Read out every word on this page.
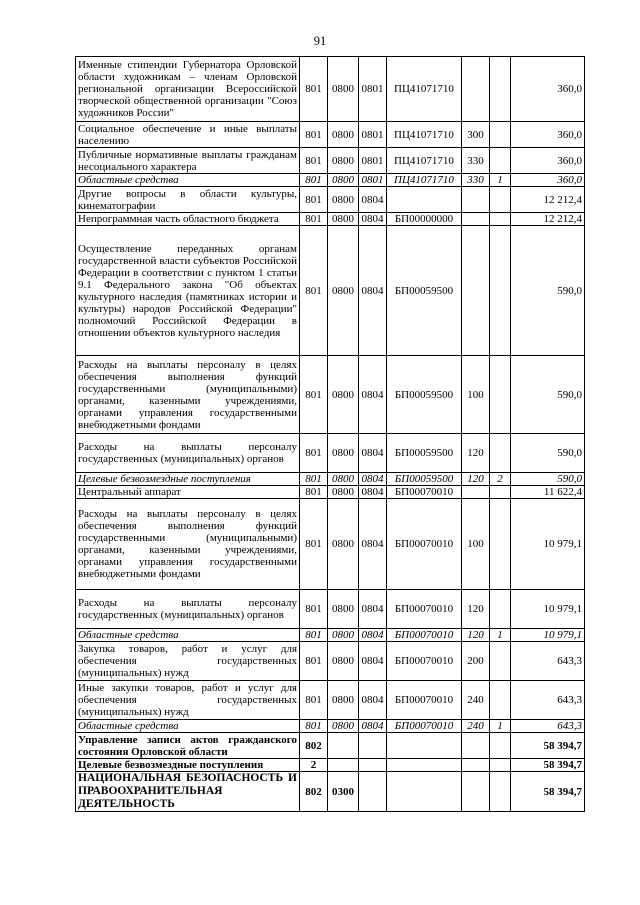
91
Именные стипендии Губернатора Орловской области художникам – членам Орловской региональной организации Всероссийской творческой общественной организации "Союз художников России"	801	0800	0801	ПЦ41071710			360,0
Социальное обеспечение и иные выплаты населению	801	0800	0801	ПЦ41071710	300		360,0
Публичные нормативные выплаты гражданам несоциального характера	801	0800	0801	ПЦ41071710	330		360,0
Областные средства	801	0800	0801	ПЦ41071710	330	1	360,0
Другие вопросы в области культуры, кинематографии	801	0800	0804				12 212,4
Непрограммная часть областного бюджета	801	0800	0804	БП00000000			12 212,4
Осуществление переданных органам государственной власти субъектов Российской Федерации в соответствии с пунктом 1 статьи 9.1 Федерального закона "Об объектах культурного наследия (памятниках истории и культуры) народов Российской Федерации" полномочий Российской Федерации в отношении объектов культурного наследия	801	0800	0804	БП00059500			590,0
Расходы на выплаты персоналу в целях обеспечения выполнения функций государственными (муниципальными) органами, казенными учреждениями, органами управления государственными внебюджетными фондами	801	0800	0804	БП00059500	100		590,0
Расходы на выплаты персоналу государственных (муниципальных) органов	801	0800	0804	БП00059500	120		590,0
Целевые безвозмездные поступления	801	0800	0804	БП00059500	120	2	590,0
Центральный аппарат	801	0800	0804	БП00070010			11 622,4
Расходы на выплаты персоналу в целях обеспечения выполнения функций государственными (муниципальными) органами, казенными учреждениями, органами управления государственными внебюджетными фондами	801	0800	0804	БП00070010	100		10 979,1
Расходы на выплаты персоналу государственных (муниципальных) органов	801	0800	0804	БП00070010	120		10 979,1
Областные средства	801	0800	0804	БП00070010	120	1	10 979,1
Закупка товаров, работ и услуг для обеспечения государственных (муниципальных) нужд	801	0800	0804	БП00070010	200		643,3
Иные закупки товаров, работ и услуг для обеспечения государственных (муниципальных) нужд	801	0800	0804	БП00070010	240		643,3
Областные средства	801	0800	0804	БП00070010	240	1	643,3
Управление записи актов гражданского состояния Орловской области	802						58 394,7
Целевые безвозмездные поступления	2						58 394,7
НАЦИОНАЛЬНАЯ БЕЗОПАСНОСТЬ И ПРАВООХРАНИТЕЛЬНАЯ ДЕЯТЕЛЬНОСТЬ	802	0300					58 394,7
